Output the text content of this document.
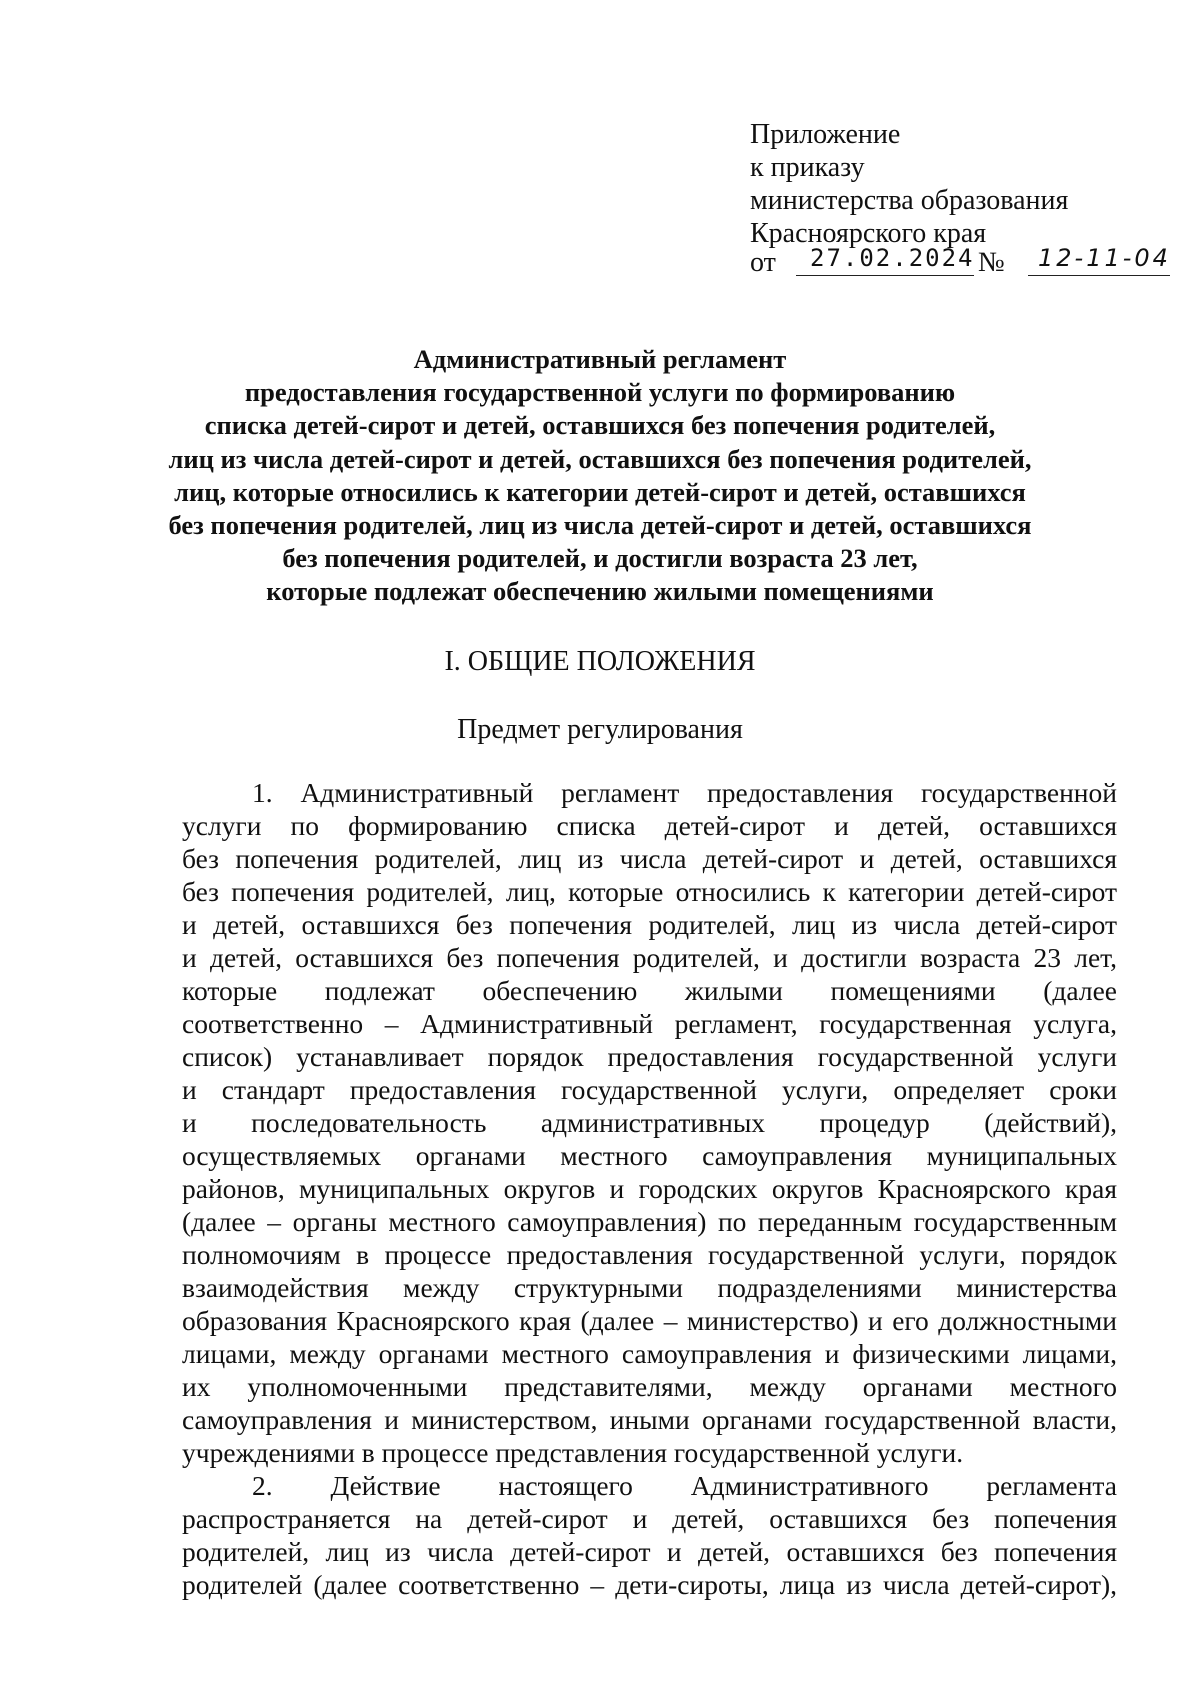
Приложение
к приказу
министерства образования
Красноярского края
от	27.02.2024 №	12-11-04
Административный регламент
предоставления государственной услуги по формированию
списка детей-сирот и детей, оставшихся без попечения родителей,
лиц из числа детей-сирот и детей, оставшихся без попечения родителей,
лиц, которые относились к категории детей-сирот и детей, оставшихся
без попечения родителей, лиц из числа детей-сирот и детей, оставшихся
без попечения родителей, и достигли возраста 23 лет,
которые подлежат обеспечению жилыми помещениями
I. ОБЩИЕ ПОЛОЖЕНИЯ
Предмет регулирования
1. Административный регламент предоставления государственной
услуги по формированию списка детей-сирот и детей, оставшихся
без попечения родителей, лиц из числа детей-сирот и детей, оставшихся
без попечения родителей, лиц, которые относились к категории детей-сирот
и детей, оставшихся без попечения родителей, лиц из числа детей-сирот
и детей, оставшихся без попечения родителей, и достигли возраста 23 лет,
которые подлежат обеспечению жилыми помещениями (далее
соответственно – Административный регламент, государственная услуга,
список) устанавливает порядок предоставления государственной услуги
и стандарт предоставления государственной услуги, определяет сроки
и последовательность административных процедур (действий),
осуществляемых органами местного самоуправления муниципальных
районов, муниципальных округов и городских округов Красноярского края
(далее – органы местного самоуправления) по переданным государственным
полномочиям в процессе предоставления государственной услуги, порядок
взаимодействия между структурными подразделениями министерства
образования Красноярского края (далее – министерство) и его должностными
лицами, между органами местного самоуправления и физическими лицами,
их уполномоченными представителями, между органами местного
самоуправления и министерством, иными органами государственной власти,
учреждениями в процессе представления государственной услуги.
2. Действие настоящего Административного регламента
распространяется на детей-сирот и детей, оставшихся без попечения
родителей, лиц из числа детей-сирот и детей, оставшихся без попечения
родителей (далее соответственно – дети-сироты, лица из числа детей-сирот),
